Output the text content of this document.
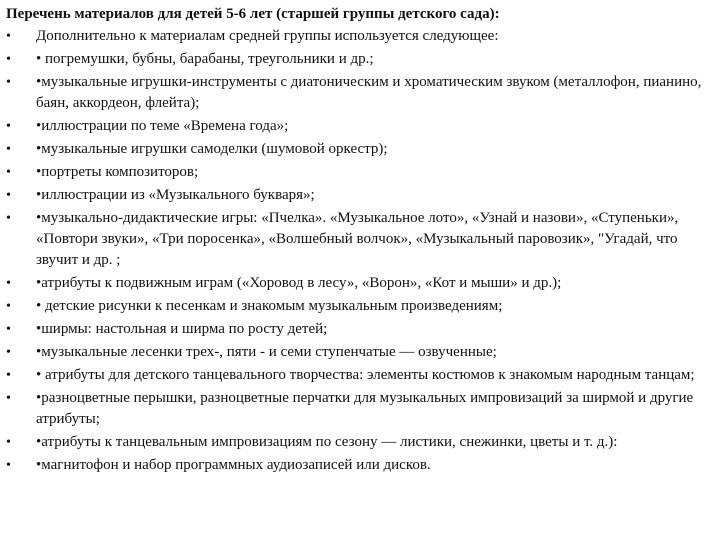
Перечень материалов для детей 5-6 лет (старшей группы детского сада):
• Дополнительно к материалам средней группы используется следующее:
• • погремушки, бубны, барабаны, треугольники и др.;
• •музыкальные игрушки-инструменты с диатоническим и хроматическим звуком (металлофон, пианино, баян, аккордеон, флейта);
• •иллюстрации по теме «Времена года»;
• •музыкальные игрушки самоделки (шумовой оркестр);
• •портреты композиторов;
• •иллюстрации из «Музыкального букваря»;
• •музыкально-дидактические игры: «Пчелка». «Музыкальное лото», «Узнай и назови», «Ступеньки», «Повтори звуки», «Три поросенка», «Волшебный волчок», «Музыкальный паровозик», "Угадай, что звучит и др. ;
• •атрибуты к подвижным играм («Хоровод в лесу», «Ворон», «Кот и мыши» и др.);
• • детские рисунки к песенкам и знакомым музыкальным произведениям;
• •ширмы: настольная и ширма по росту детей;
• •музыкальные лесенки трех-, пяти - и семи ступенчатые — озвученные;
• • атрибуты для детского танцевального творчества: элементы костюмов к знакомым народным танцам;
• •разноцветные перышки, разноцветные перчатки для музыкальных импровизаций за ширмой и другие атрибуты;
• •атрибуты к танцевальным импровизациям по сезону — листики, снежинки, цветы и т. д.):
• •магнитофон и набор программных аудиозаписей или дисков.
